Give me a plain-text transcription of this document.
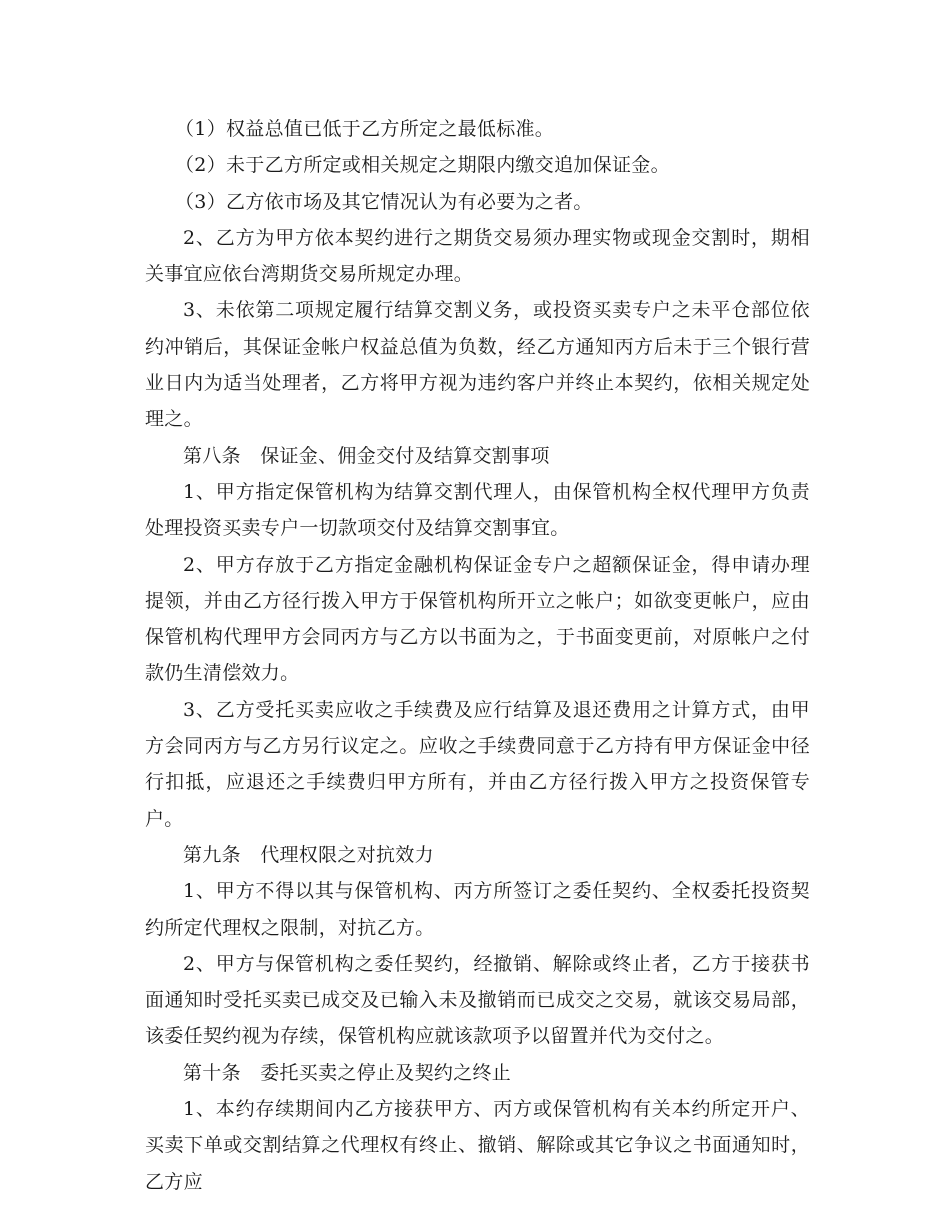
（1）权益总值已低于乙方所定之最低标准。

（2）未于乙方所定或相关规定之期限内缴交追加保证金。

（3）乙方依市场及其它情况认为有必要为之者。

2、乙方为甲方依本契约进行之期货交易须办理实物或现金交割时，期相关事宜应依台湾期货交易所规定办理。

3、未依第二项规定履行结算交割义务，或投资买卖专户之未平仓部位依约冲销后，其保证金帐户权益总值为负数，经乙方通知丙方后未于三个银行营业日内为适当处理者，乙方将甲方视为违约客户并终止本契约，依相关规定处理之。

第八条　保证金、佣金交付及结算交割事项

1、甲方指定保管机构为结算交割代理人，由保管机构全权代理甲方负责处理投资买卖专户一切款项交付及结算交割事宜。

2、甲方存放于乙方指定金融机构保证金专户之超额保证金，得申请办理提领，并由乙方径行拨入甲方于保管机构所开立之帐户；如欲变更帐户，应由保管机构代理甲方会同丙方与乙方以书面为之，于书面变更前，对原帐户之付款仍生清偿效力。

3、乙方受托买卖应收之手续费及应行结算及退还费用之计算方式，由甲方会同丙方与乙方另行议定之。应收之手续费同意于乙方持有甲方保证金中径行扣抵，应退还之手续费归甲方所有，并由乙方径行拨入甲方之投资保管专户。

第九条　代理权限之对抗效力

1、甲方不得以其与保管机构、丙方所签订之委任契约、全权委托投资契约所定代理权之限制，对抗乙方。

2、甲方与保管机构之委任契约，经撤销、解除或终止者，乙方于接获书面通知时受托买卖已成交及已输入未及撤销而已成交之交易，就该交易局部，该委任契约视为存续，保管机构应就该款项予以留置并代为交付之。

第十条　委托买卖之停止及契约之终止

1、本约存续期间内乙方接获甲方、丙方或保管机构有关本约所定开户、买卖下单或交割结算之代理权有终止、撤销、解除或其它争议之书面通知时，乙方应
